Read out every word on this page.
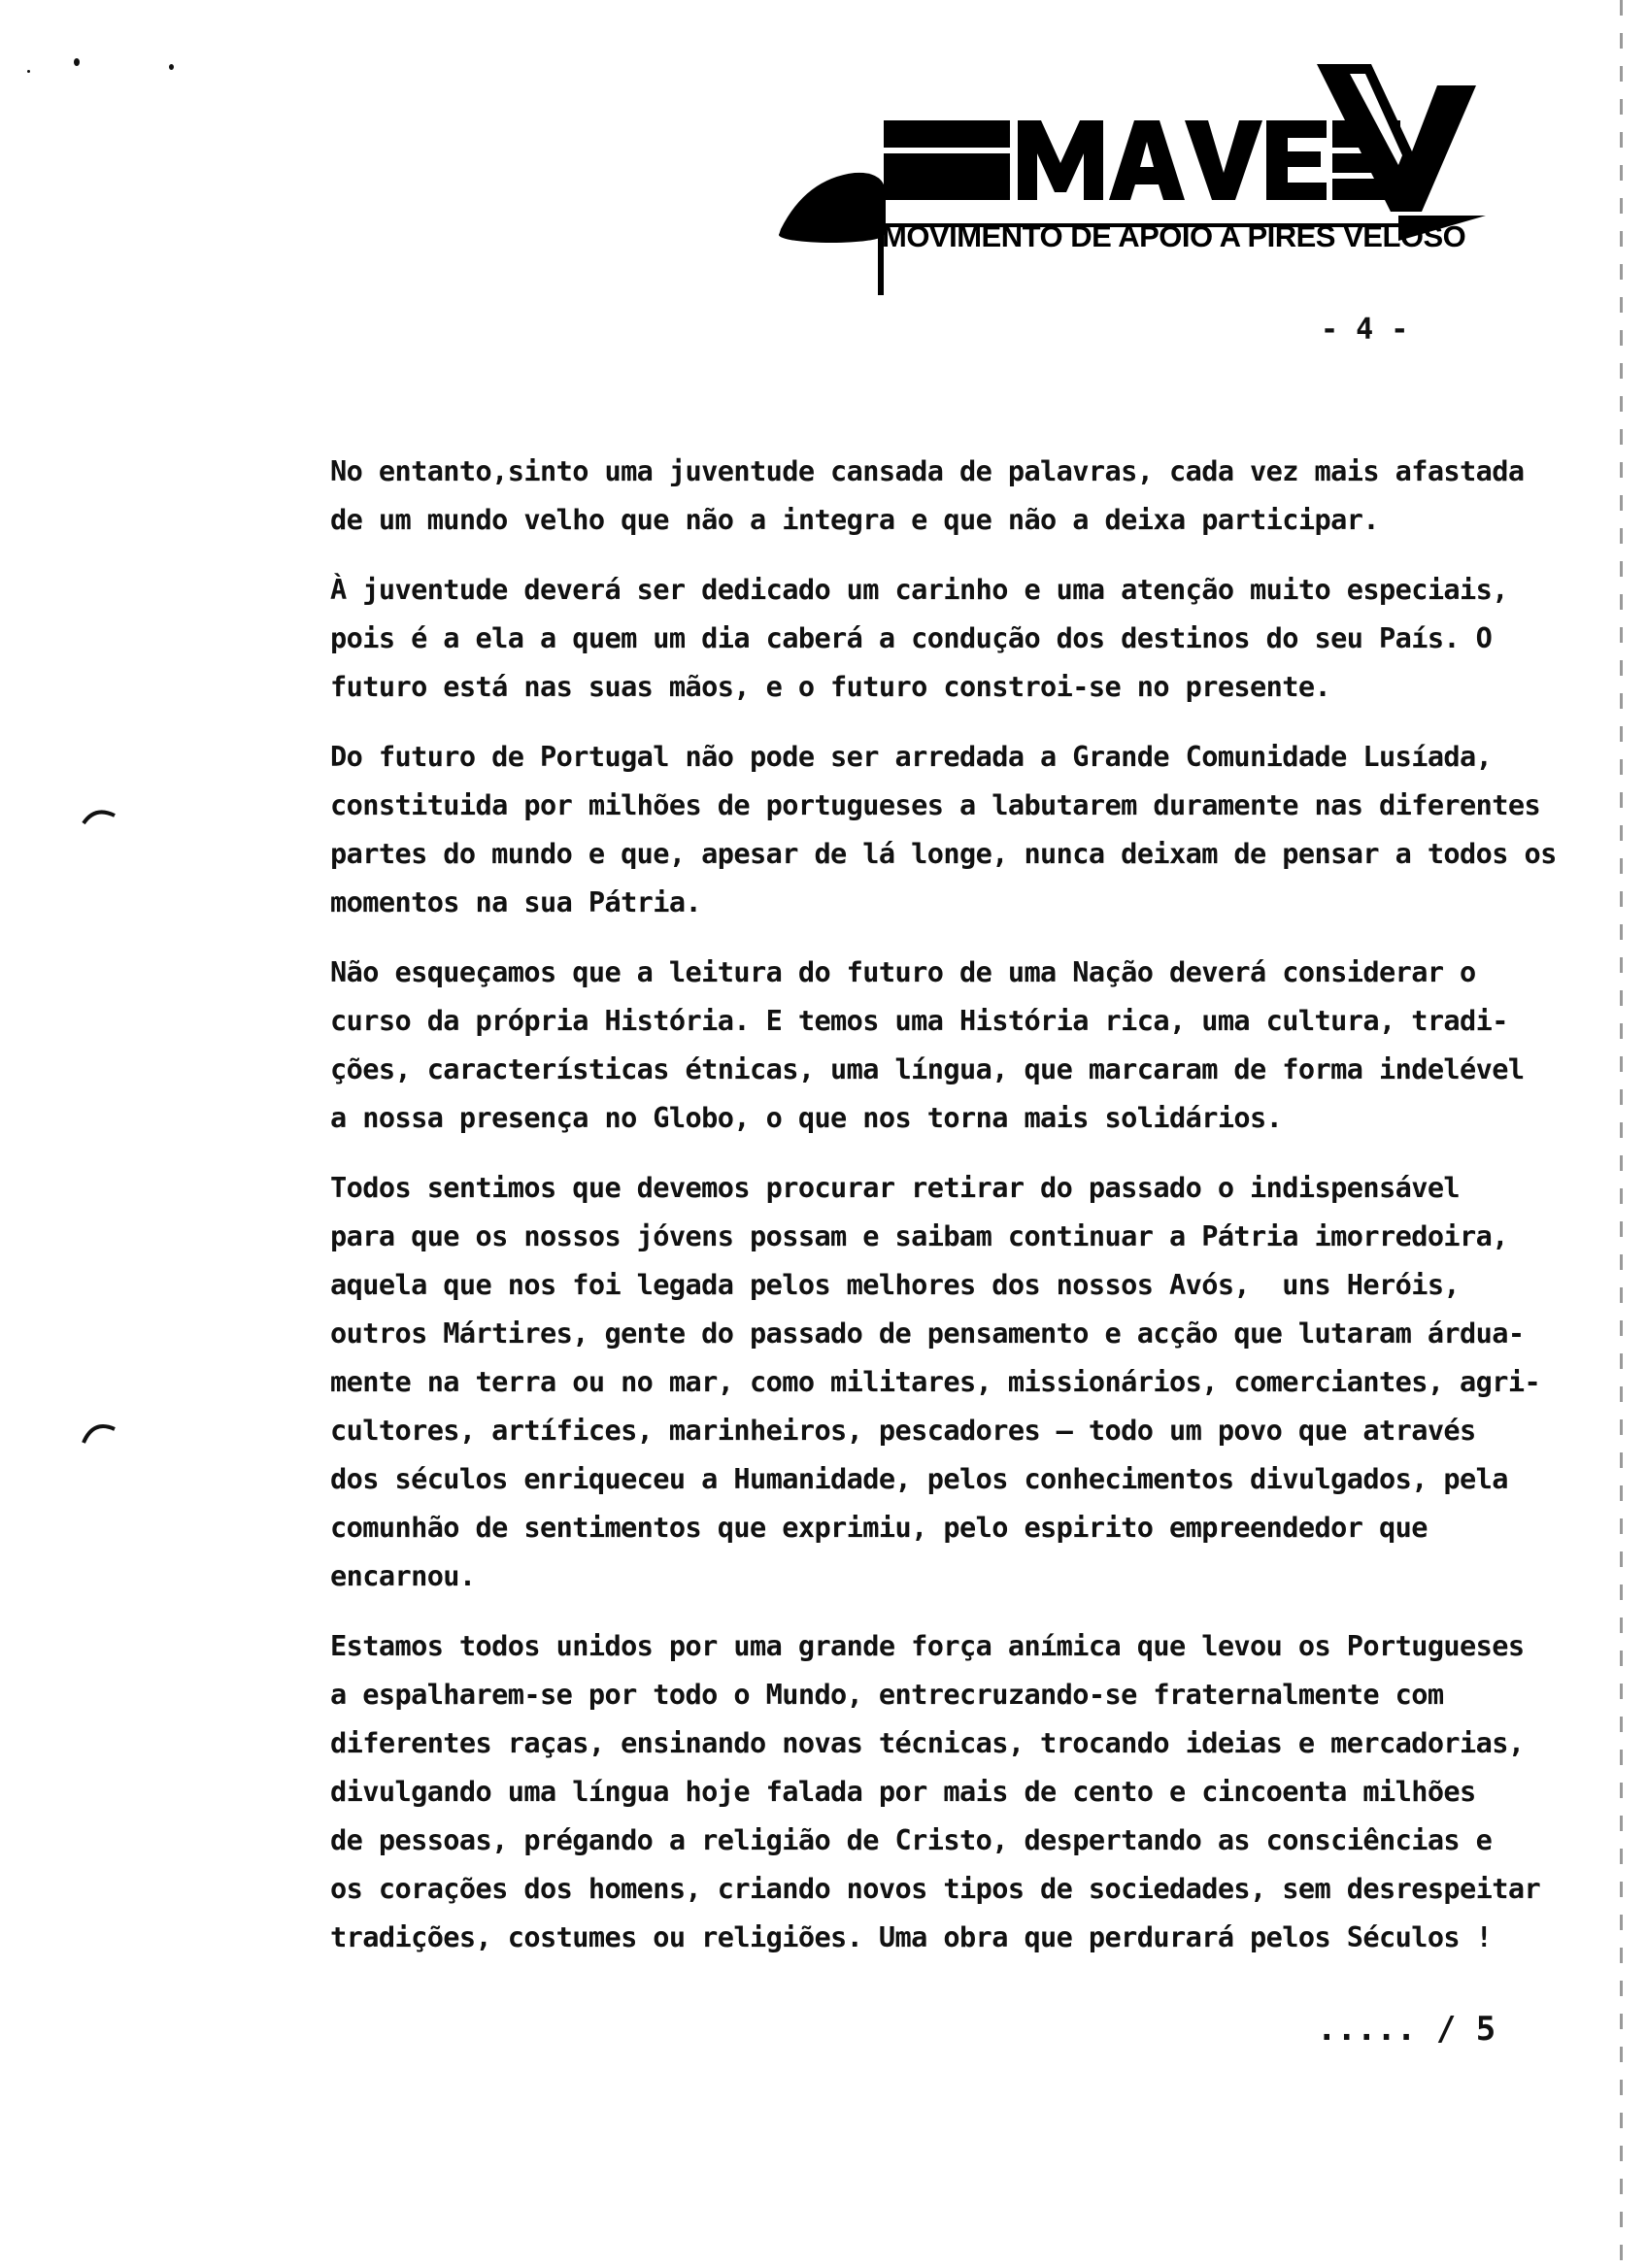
MOVIMENTO DE APOIO A PIRES VELOSO
- 4 -

No entanto,sinto uma juventude cansada de palavras, cada vez mais afastada
de um mundo velho que não a integra e que não a deixa participar.

À juventude deverá ser dedicado um carinho e uma atenção muito especiais,
pois é a ela a quem um dia caberá a condução dos destinos do seu País. O
futuro está nas suas mãos, e o futuro constroi-se no presente.

Do futuro de Portugal não pode ser arredada a Grande Comunidade Lusíada,
constituida por milhões de portugueses a labutarem duramente nas diferentes
partes do mundo e que, apesar de lá longe, nunca deixam de pensar a todos os
momentos na sua Pátria.

Não esqueçamos que a leitura do futuro de uma Nação deverá considerar o
curso da própria História. E temos uma História rica, uma cultura, tradi-
ções, características étnicas, uma língua, que marcaram de forma indelével
a nossa presença no Globo, o que nos torna mais solidários.

Todos sentimos que devemos procurar retirar do passado o indispensável
para que os nossos jóvens possam e saibam continuar a Pátria imorredoira,
aquela que nos foi legada pelos melhores dos nossos Avós,  uns Heróis,
outros Mártires, gente do passado de pensamento e acção que lutaram árdua-
mente na terra ou no mar, como militares, missionários, comerciantes, agri-
cultores, artífices, marinheiros, pescadores — todo um povo que através
dos séculos enriqueceu a Humanidade, pelos conhecimentos divulgados, pela
comunhão de sentimentos que exprimiu, pelo espirito empreendedor que
encarnou.

Estamos todos unidos por uma grande força anímica que levou os Portugueses
a espalharem-se por todo o Mundo, entrecruzando-se fraternalmente com
diferentes raças, ensinando novas técnicas, trocando ideias e mercadorias,
divulgando uma língua hoje falada por mais de cento e cincoenta milhões
de pessoas, prégando a religião de Cristo, despertando as consciências e
os corações dos homens, criando novos tipos de sociedades, sem desrespeitar
tradições, costumes ou religiões. Uma obra que perdurará pelos Séculos !

..... / 5
